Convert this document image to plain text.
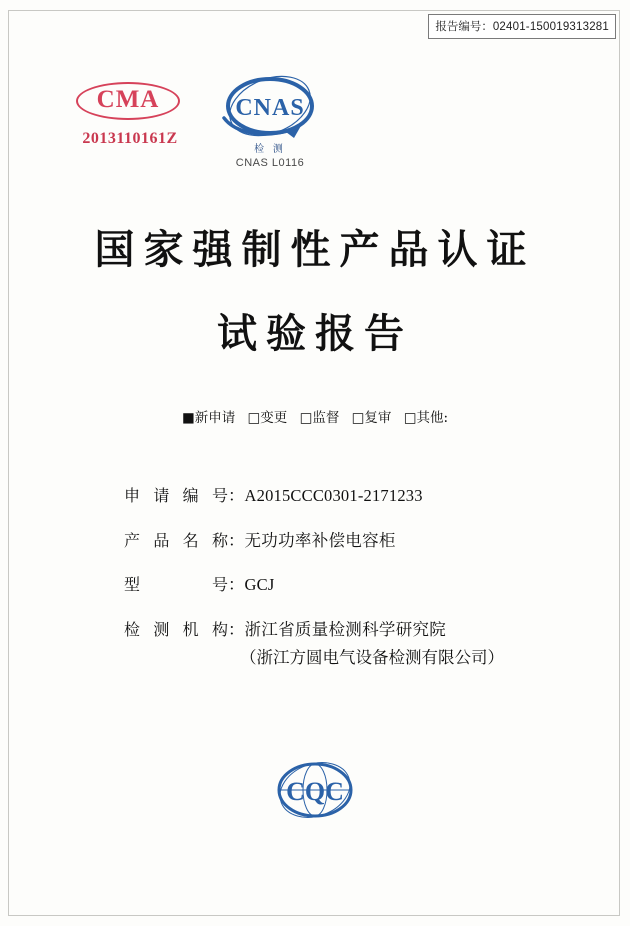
报告编号：02401-150019313281
CMA
2013110161Z
CNAS
检 测
CNAS L0116
国家强制性产品认证
试验报告
■新申请 □变更 □监督 □复审 □其他:
申请编号 ： A2015CCC0301-2171233
产品名称 ： 无功功率补偿电容柜
型　　号 ： GCJ
检测机构 ： 浙江省质量检测科学研究院
（浙江方圆电气设备检测有限公司）
CQC
